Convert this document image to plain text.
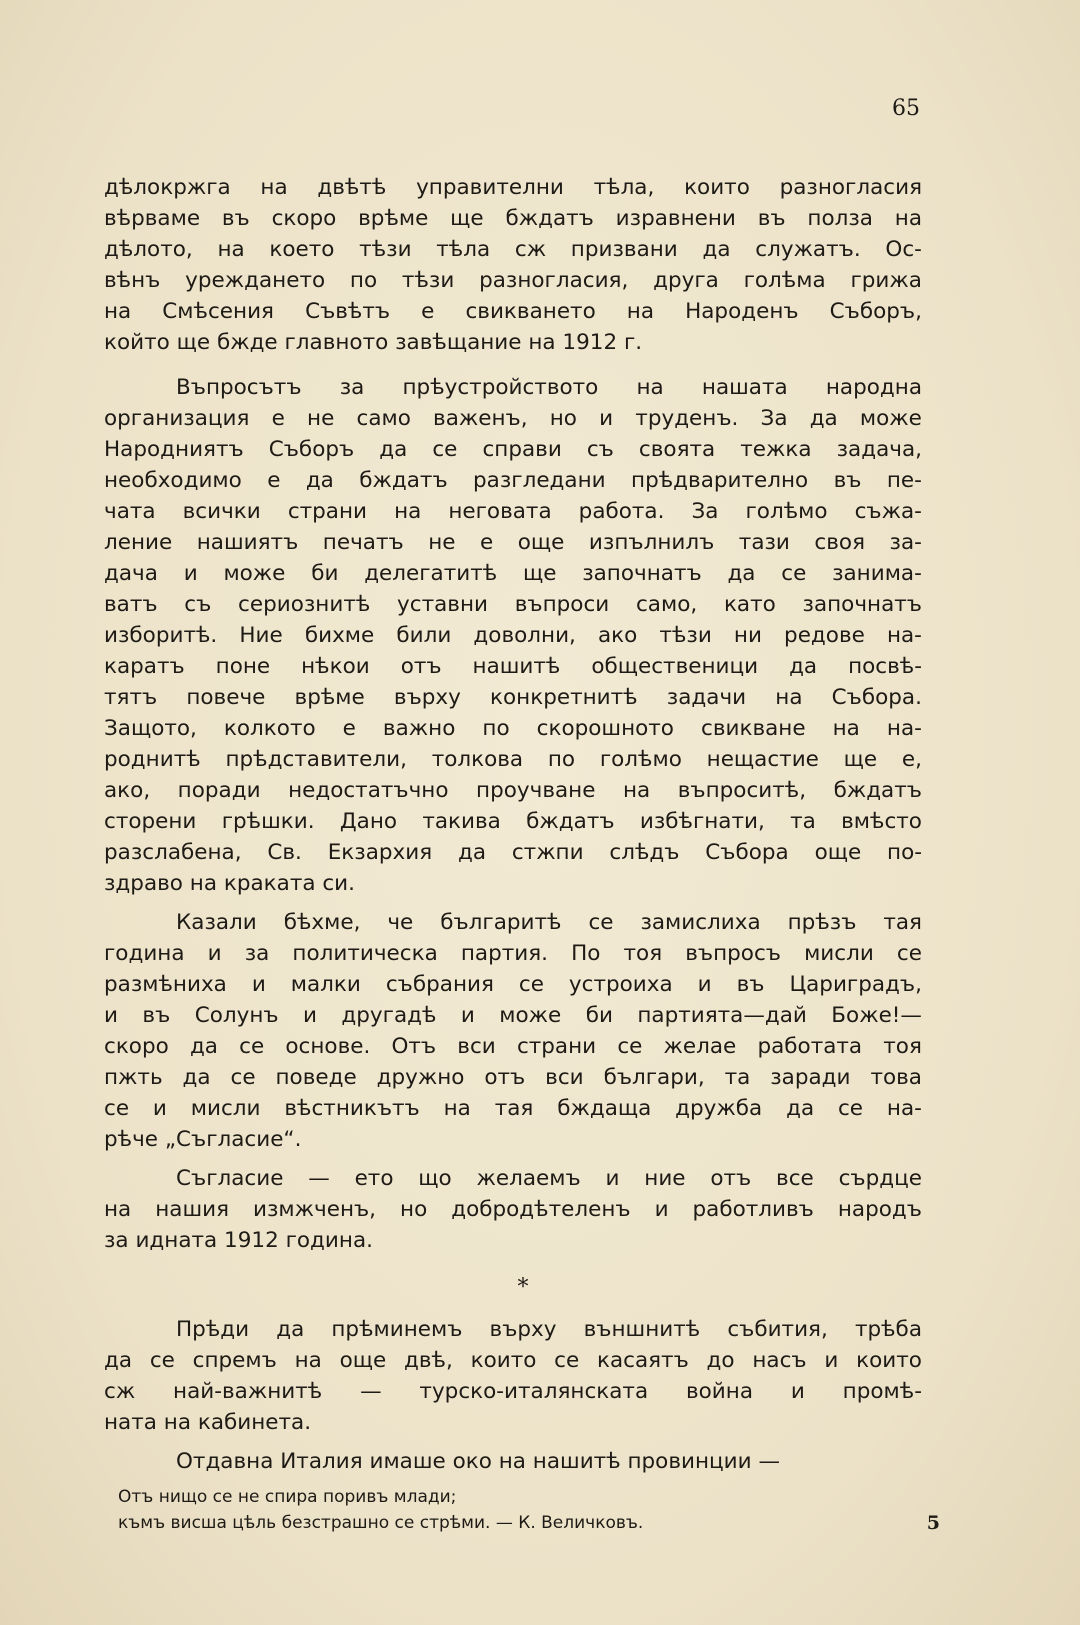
65
дѣлокржга на двѣтѣ управителни тѣла, които разногласия
вѣрваме въ скоро врѣме ще бждатъ изравнени въ полза на
дѣлото, на което тѣзи тѣла сж призвани да служатъ. Ос-
вѣнъ уреждането по тѣзи разногласия, друга голѣма грижа
на Смѣсения Съвѣтъ е свикването на Народенъ Съборъ,
който ще бжде главното завѣщание на 1912 г.
Въпросътъ за прѣустройството на нашата народна
организация е не само важенъ, но и труденъ. За да може
Народниятъ Съборъ да се справи съ своята тежка задача,
необходимо е да бждатъ разгледани прѣдварително въ пе-
чата всички страни на неговата работа. За голѣмо съжа-
ление нашиятъ печатъ не е още изпълнилъ тази своя за-
дача и може би делегатитѣ ще започнатъ да се занима-
ватъ съ сериознитѣ уставни въпроси само, като започнатъ
изборитѣ. Ние бихме били доволни, ако тѣзи ни редове на-
каратъ поне нѣкои отъ нашитѣ общественици да посвѣ-
тятъ повече врѣме върху конкретнитѣ задачи на Събора.
Защото, колкото е важно по скорошното свикване на на-
роднитѣ прѣдставители, толкова по голѣмо нещастие ще е,
ако, поради недостатъчно проучване на въпроситѣ, бждатъ
сторени грѣшки. Дано такива бждатъ избѣгнати, та вмѣсто
разслабена, Св. Екзархия да стжпи слѣдъ Събора още по-
здраво на краката си.
Казали бѣхме, че българитѣ се замислиха прѣзъ тая
година и за политическа партия. По тоя въпросъ мисли се
размѣниха и малки събрания се устроиха и въ Цариградъ,
и въ Солунъ и другадѣ и може би партията—дай Боже!—
скоро да се основе. Отъ вси страни се желае работата тоя
пжть да се поведе дружно отъ вси българи, та заради това
се и мисли вѣстникътъ на тая бждаща дружба да се на-
рѣче „Съгласие“.
Съгласие — ето що желаемъ и ние отъ все сърдце
на нашия измжченъ, но добродѣтеленъ и работливъ народъ
за идната 1912 година.
*
Прѣди да прѣминемъ върху външнитѣ събития, трѣба
да се спремъ на още двѣ, които се касаятъ до насъ и които
сж най-важнитѣ — турско-италянската война и промѣ-
ната на кабинета.
Отдавна Италия имаше око на нашитѣ провинции —
Отъ нищо се не спира поривъ млади;
къмъ висша цѣль безстрашно се стрѣми. — К. Величковъ.	5
